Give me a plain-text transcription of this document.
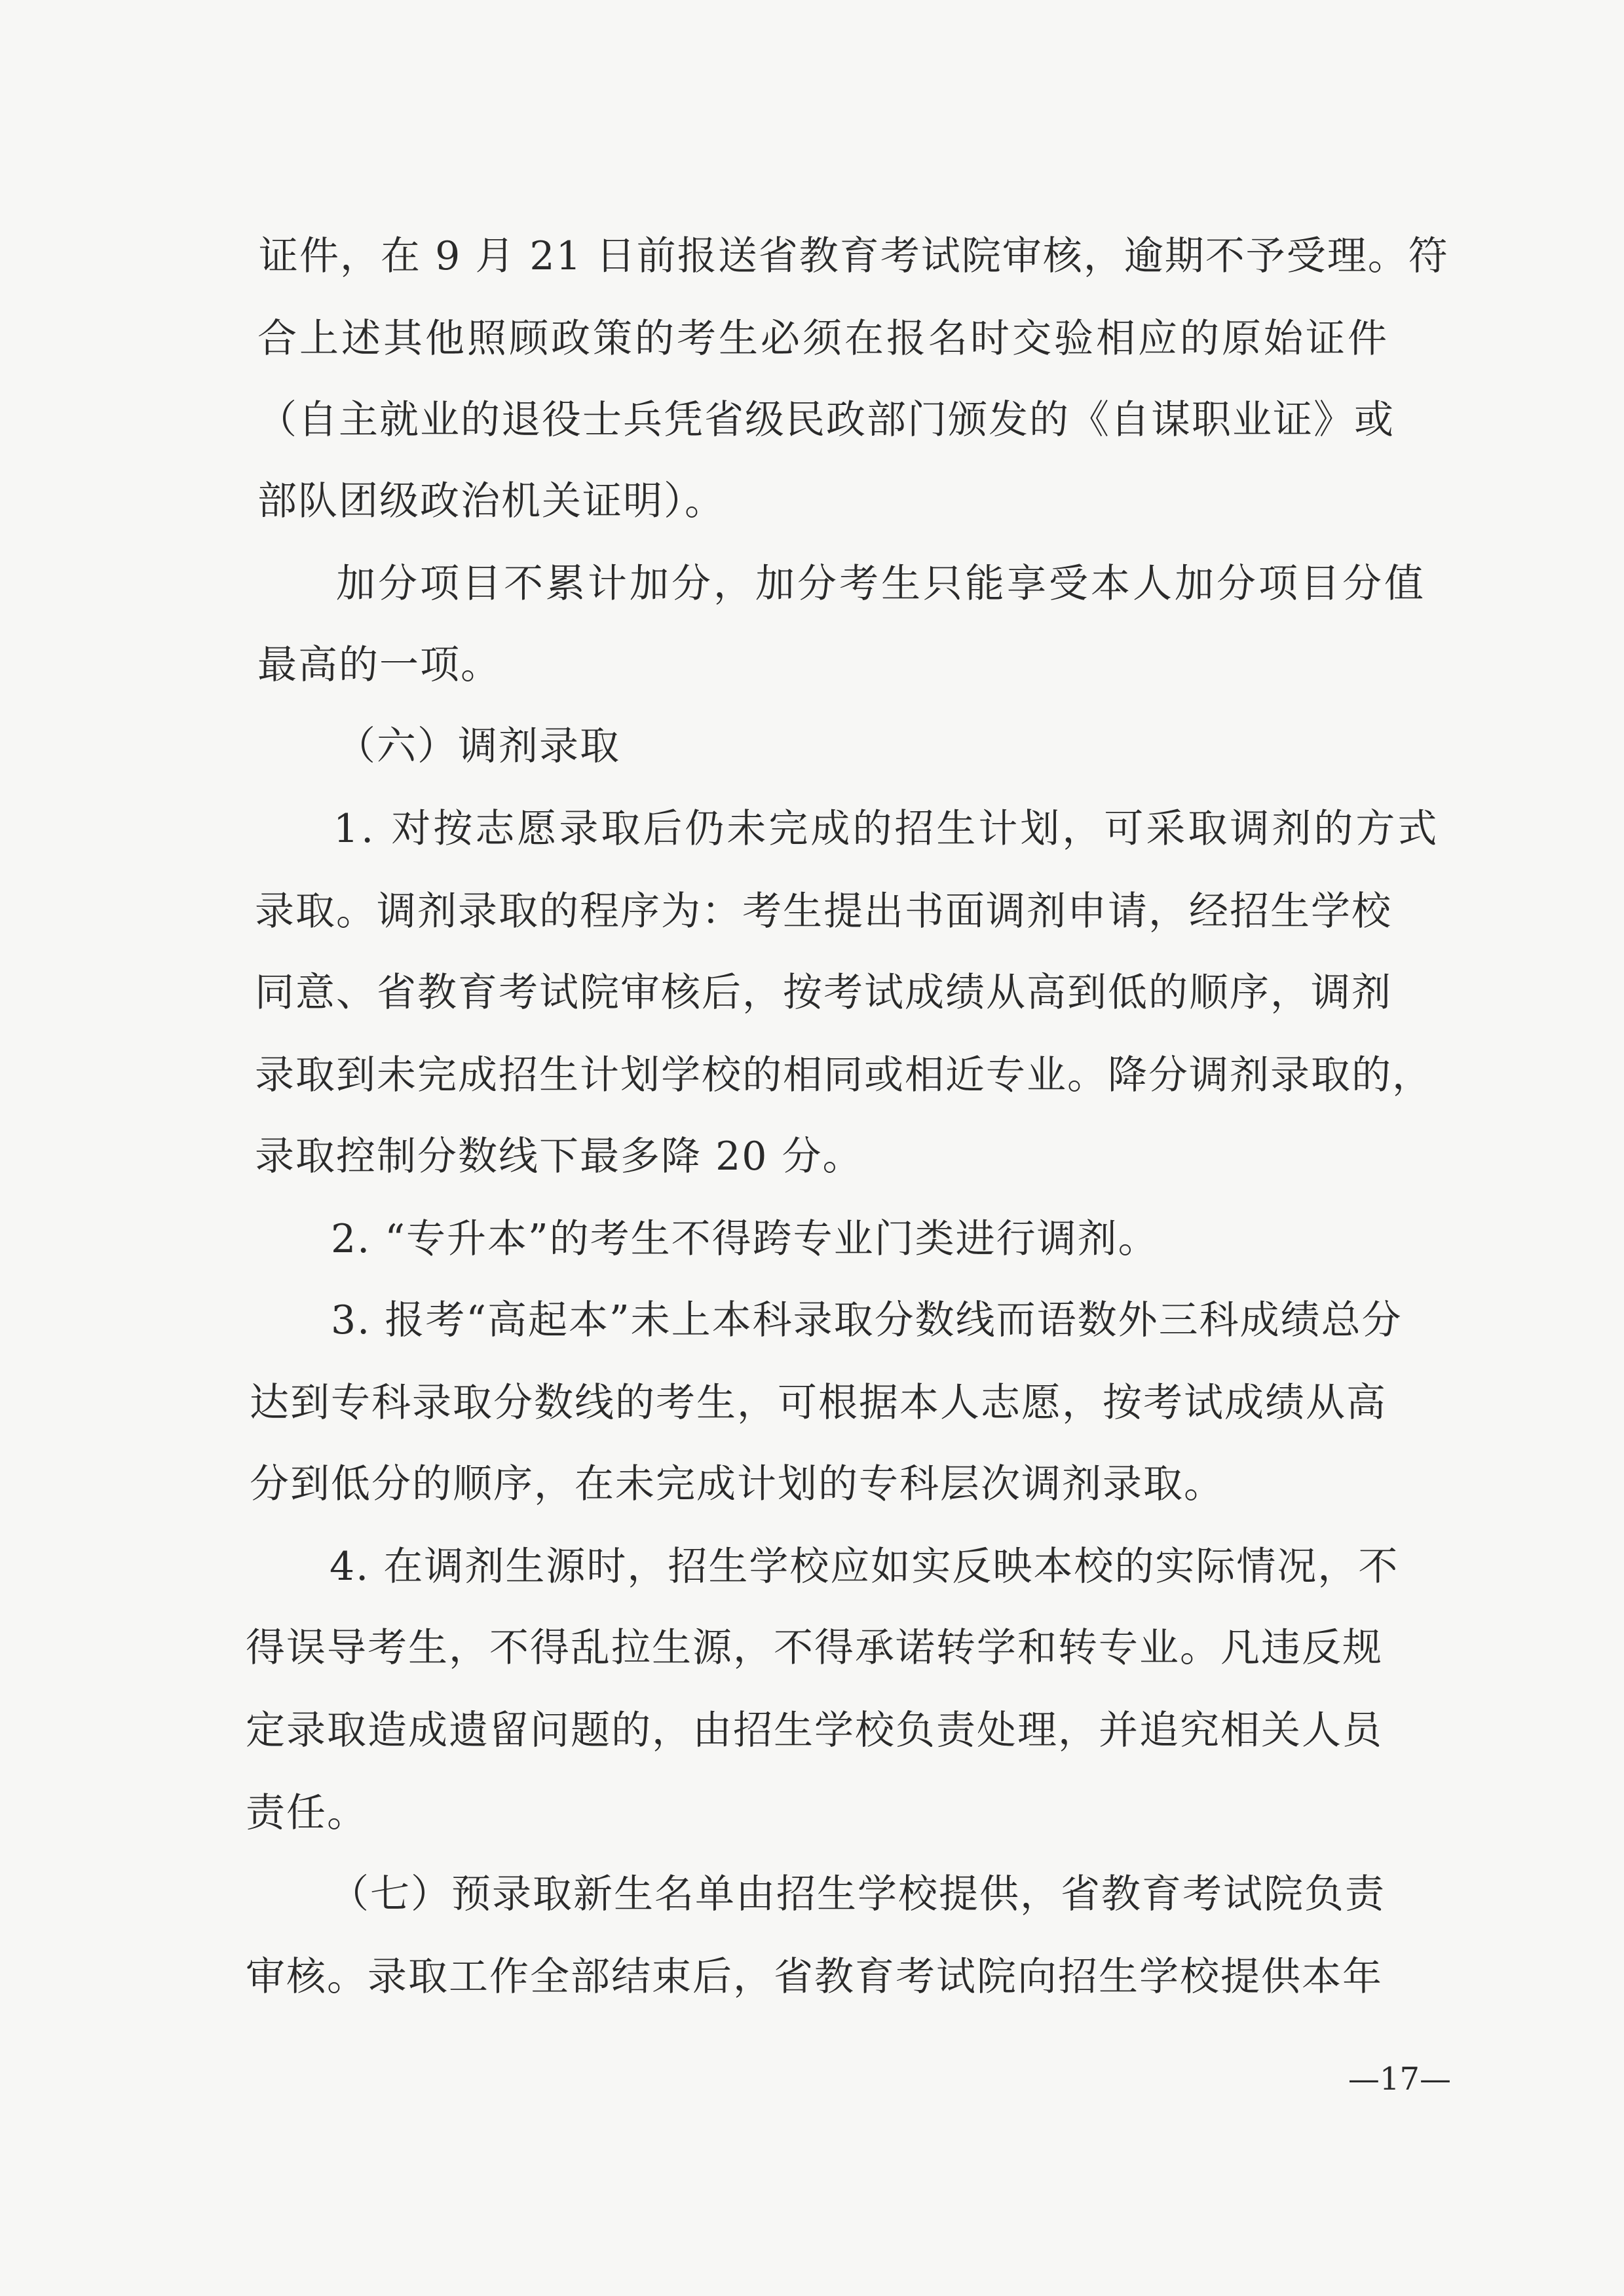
证件，在 9 月 21 日前报送省教育考试院审核，逾期不予受理。符
合上述其他照顾政策的考生必须在报名时交验相应的原始证件
（自主就业的退役士兵凭省级民政部门颁发的《自谋职业证》或
部队团级政治机关证明）。
加分项目不累计加分，加分考生只能享受本人加分项目分值
最高的一项。
（六）调剂录取
1. 对按志愿录取后仍未完成的招生计划，可采取调剂的方式
录取。调剂录取的程序为：考生提出书面调剂申请，经招生学校
同意、省教育考试院审核后，按考试成绩从高到低的顺序，调剂
录取到未完成招生计划学校的相同或相近专业。降分调剂录取的，
录取控制分数线下最多降 20 分。
2. “专升本”的考生不得跨专业门类进行调剂。
3. 报考“高起本”未上本科录取分数线而语数外三科成绩总分
达到专科录取分数线的考生，可根据本人志愿，按考试成绩从高
分到低分的顺序，在未完成计划的专科层次调剂录取。
4. 在调剂生源时，招生学校应如实反映本校的实际情况，不
得误导考生，不得乱拉生源，不得承诺转学和转专业。凡违反规
定录取造成遗留问题的，由招生学校负责处理，并追究相关人员
责任。
（七）预录取新生名单由招生学校提供，省教育考试院负责
审核。录取工作全部结束后，省教育考试院向招生学校提供本年
—17—
